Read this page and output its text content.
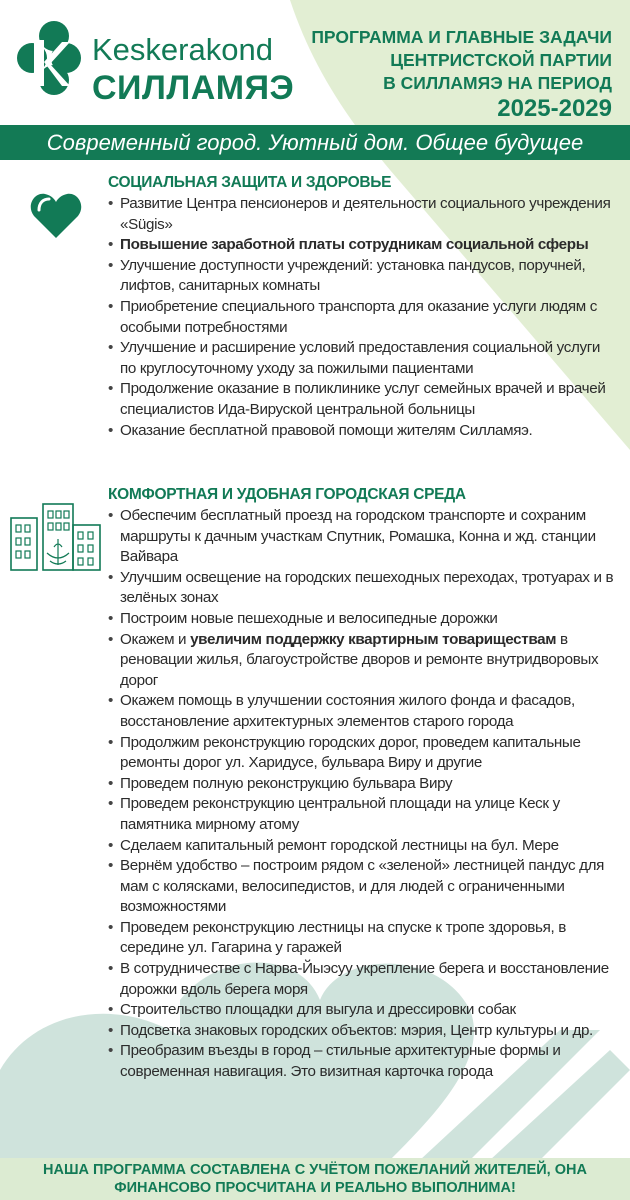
Keskerakond
СИЛЛАМЯЭ
ПРОГРАММА И ГЛАВНЫЕ ЗАДАЧИ
ЦЕНТРИСТСКОЙ ПАРТИИ
В СИЛЛАМЯЭ НА ПЕРИОД
2025-2029
Современный город. Уютный дом. Общее будущее
СОЦИАЛЬНАЯ ЗАЩИТА И ЗДОРОВЬЕ
• Развитие Центра пенсионеров и деятельности социального учреждения «Sügis»
• Повышение заработной платы сотрудникам социальной сферы
• Улучшение доступности учреждений: установка пандусов, поручней, лифтов, санитарных комнаты
• Приобретение специального транспорта для оказание услуги людям с особыми потребностями
• Улучшение и расширение условий предоставления социальной услуги по круглосуточному уходу за пожилыми пациентами
• Продолжение оказание в поликлинике услуг семейных врачей и врачей специалистов Ида-Вируской центральной больницы
• Оказание бесплатной правовой помощи жителям Силламяэ.
КОМФОРТНАЯ И УДОБНАЯ ГОРОДСКАЯ СРЕДА
• Обеспечим бесплатный проезд на городском транспорте и сохраним маршруты к дачным участкам Спутник, Ромашка, Конна и жд. станции Вайвара
• Улучшим освещение на городских пешеходных переходах, тротуарах и в зелёных зонах
• Построим новые пешеходные и велосипедные дорожки
• Окажем и увеличим поддержку квартирным товариществам в реновации жилья, благоустройстве дворов и ремонте внутридворовых дорог
• Окажем помощь в улучшении состояния жилого фонда и фасадов, восстановление архитектурных элементов старого города
• Продолжим реконструкцию городских дорог, проведем капитальные ремонты дорог ул. Харидусе, бульвара Виру и другие
• Проведем полную реконструкцию бульвара Виру
• Проведем реконструкцию центральной площади на улице Кеск у памятника мирному атому
• Сделаем капитальный ремонт городской лестницы на бул. Мере
• Вернём удобство – построим рядом с «зеленой» лестницей пандус для мам с колясками, велосипедистов, и для людей с ограниченными возможностями
• Проведем реконструкцию лестницы на спуске к тропе здоровья, в середине ул. Гагарина у гаражей
• В сотрудничестве с Нарва-Йыэсуу укрепление берега и восстановление дорожки вдоль берега моря
• Строительство площадки для выгула и дрессировки собак
• Подсветка знаковых городских объектов: мэрия, Центр культуры и др.
• Преобразим въезды в город – стильные архитектурные формы и современная навигация. Это визитная карточка города
НАША ПРОГРАММА СОСТАВЛЕНА С УЧЁТОМ ПОЖЕЛАНИЙ ЖИТЕЛЕЙ, ОНА
ФИНАНСОВО ПРОСЧИТАНА И РЕАЛЬНО ВЫПОЛНИМА!
